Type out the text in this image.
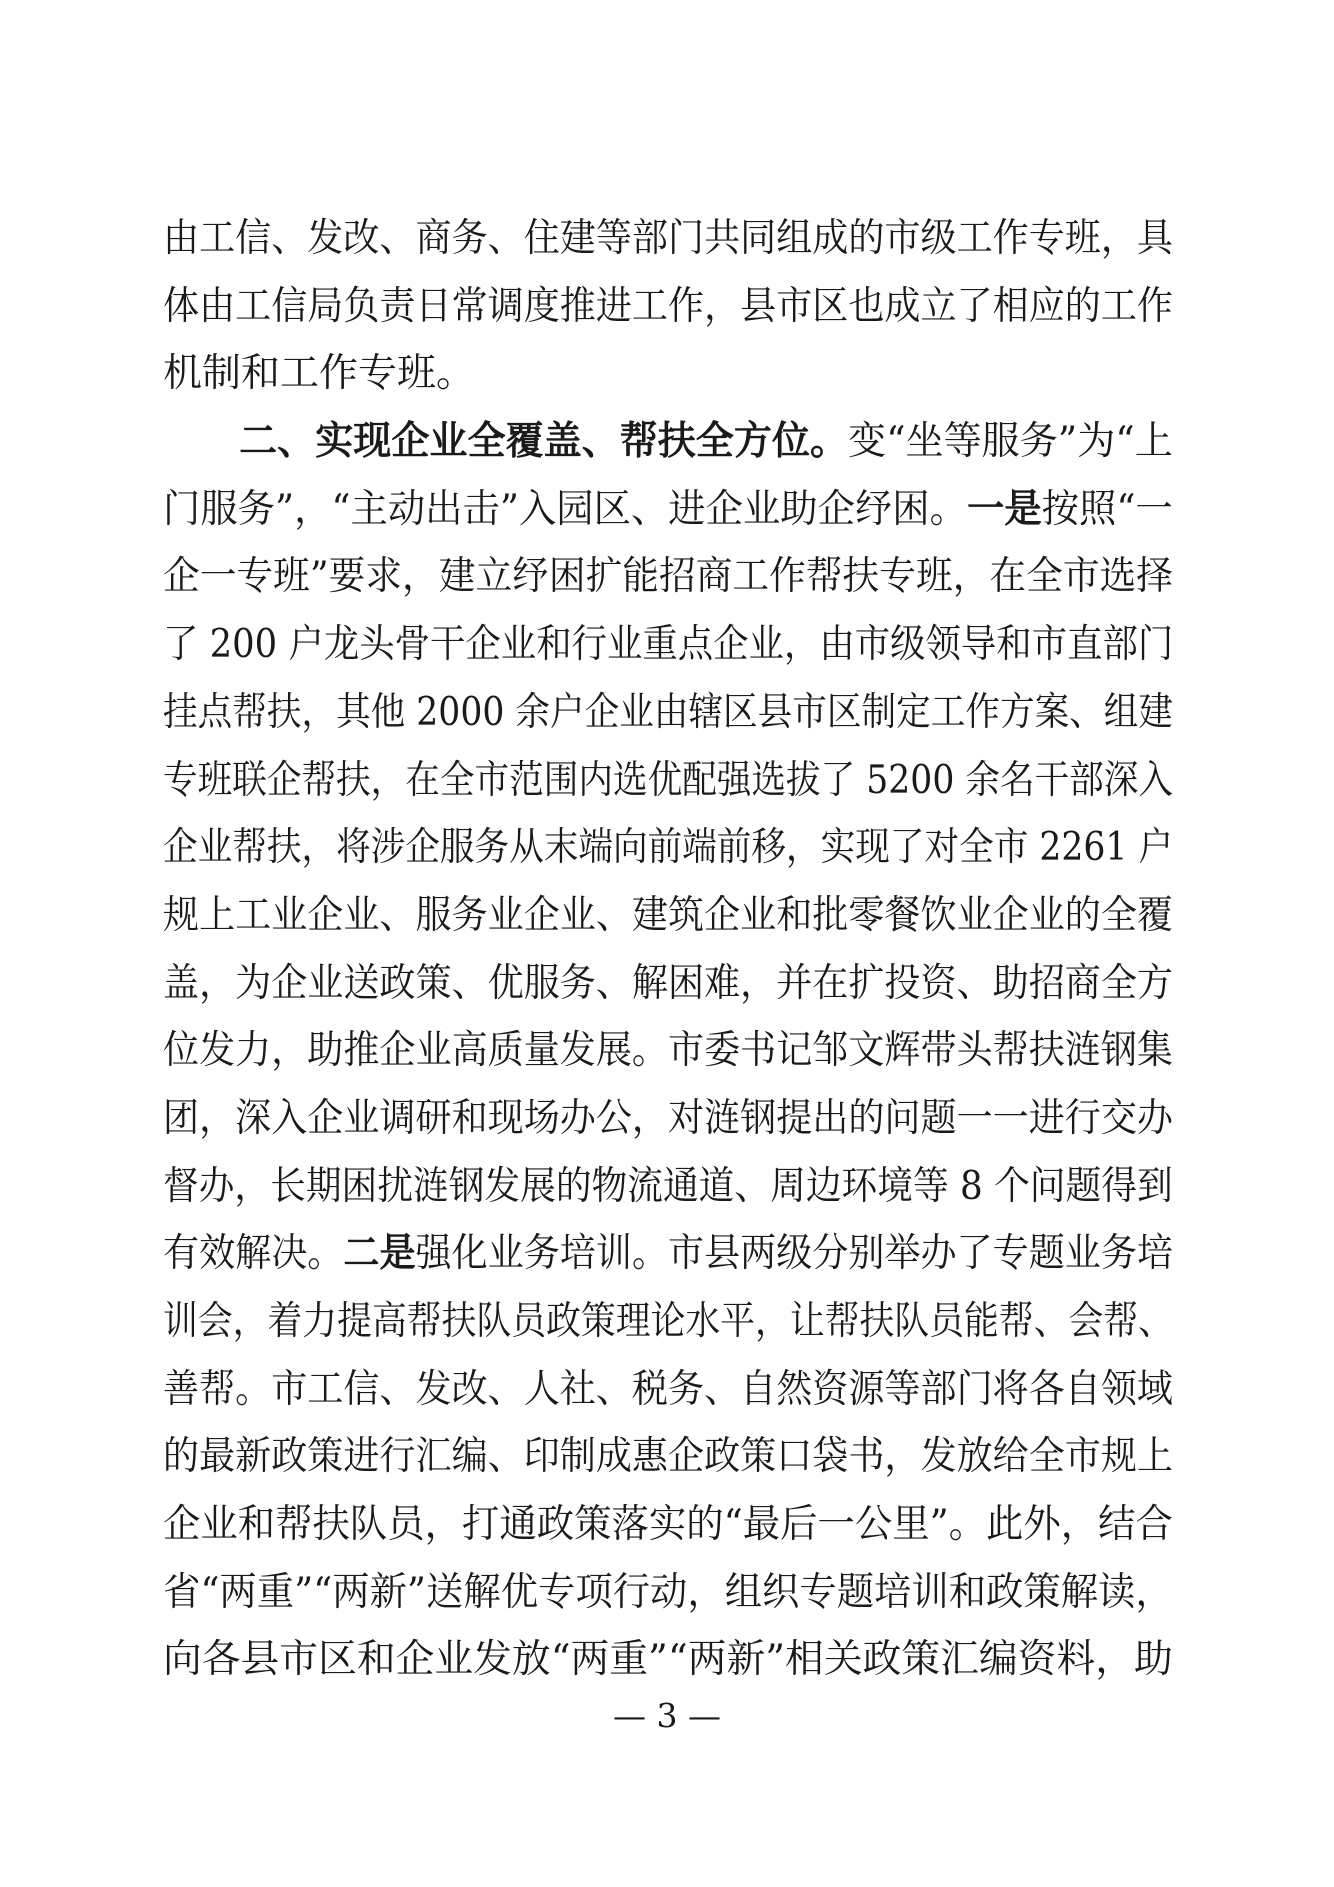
由工信、发改、商务、住建等部门共同组成的市级工作专班，具
体由工信局负责日常调度推进工作，县市区也成立了相应的工作
机制和工作专班。
　　二、实现企业全覆盖、帮扶全方位。变“坐等服务”为“上
门服务”，“主动出击”入园区、进企业助企纾困。一是按照“一
企一专班”要求，建立纾困扩能招商工作帮扶专班，在全市选择
了 200 户龙头骨干企业和行业重点企业，由市级领导和市直部门
挂点帮扶，其他 2000 余户企业由辖区县市区制定工作方案、组建
专班联企帮扶，在全市范围内选优配强选拔了 5200 余名干部深入
企业帮扶，将涉企服务从末端向前端前移，实现了对全市 2261 户
规上工业企业、服务业企业、建筑企业和批零餐饮业企业的全覆
盖，为企业送政策、优服务、解困难，并在扩投资、助招商全方
位发力，助推企业高质量发展。市委书记邹文辉带头帮扶涟钢集
团，深入企业调研和现场办公，对涟钢提出的问题一一进行交办
督办，长期困扰涟钢发展的物流通道、周边环境等 8 个问题得到
有效解决。二是强化业务培训。市县两级分别举办了专题业务培
训会，着力提高帮扶队员政策理论水平，让帮扶队员能帮、会帮、
善帮。市工信、发改、人社、税务、自然资源等部门将各自领域
的最新政策进行汇编、印制成惠企政策口袋书，发放给全市规上
企业和帮扶队员，打通政策落实的“最后一公里”。此外，结合
省“两重”“两新”送解优专项行动，组织专题培训和政策解读，
向各县市区和企业发放“两重”“两新”相关政策汇编资料，助
— 3 —
